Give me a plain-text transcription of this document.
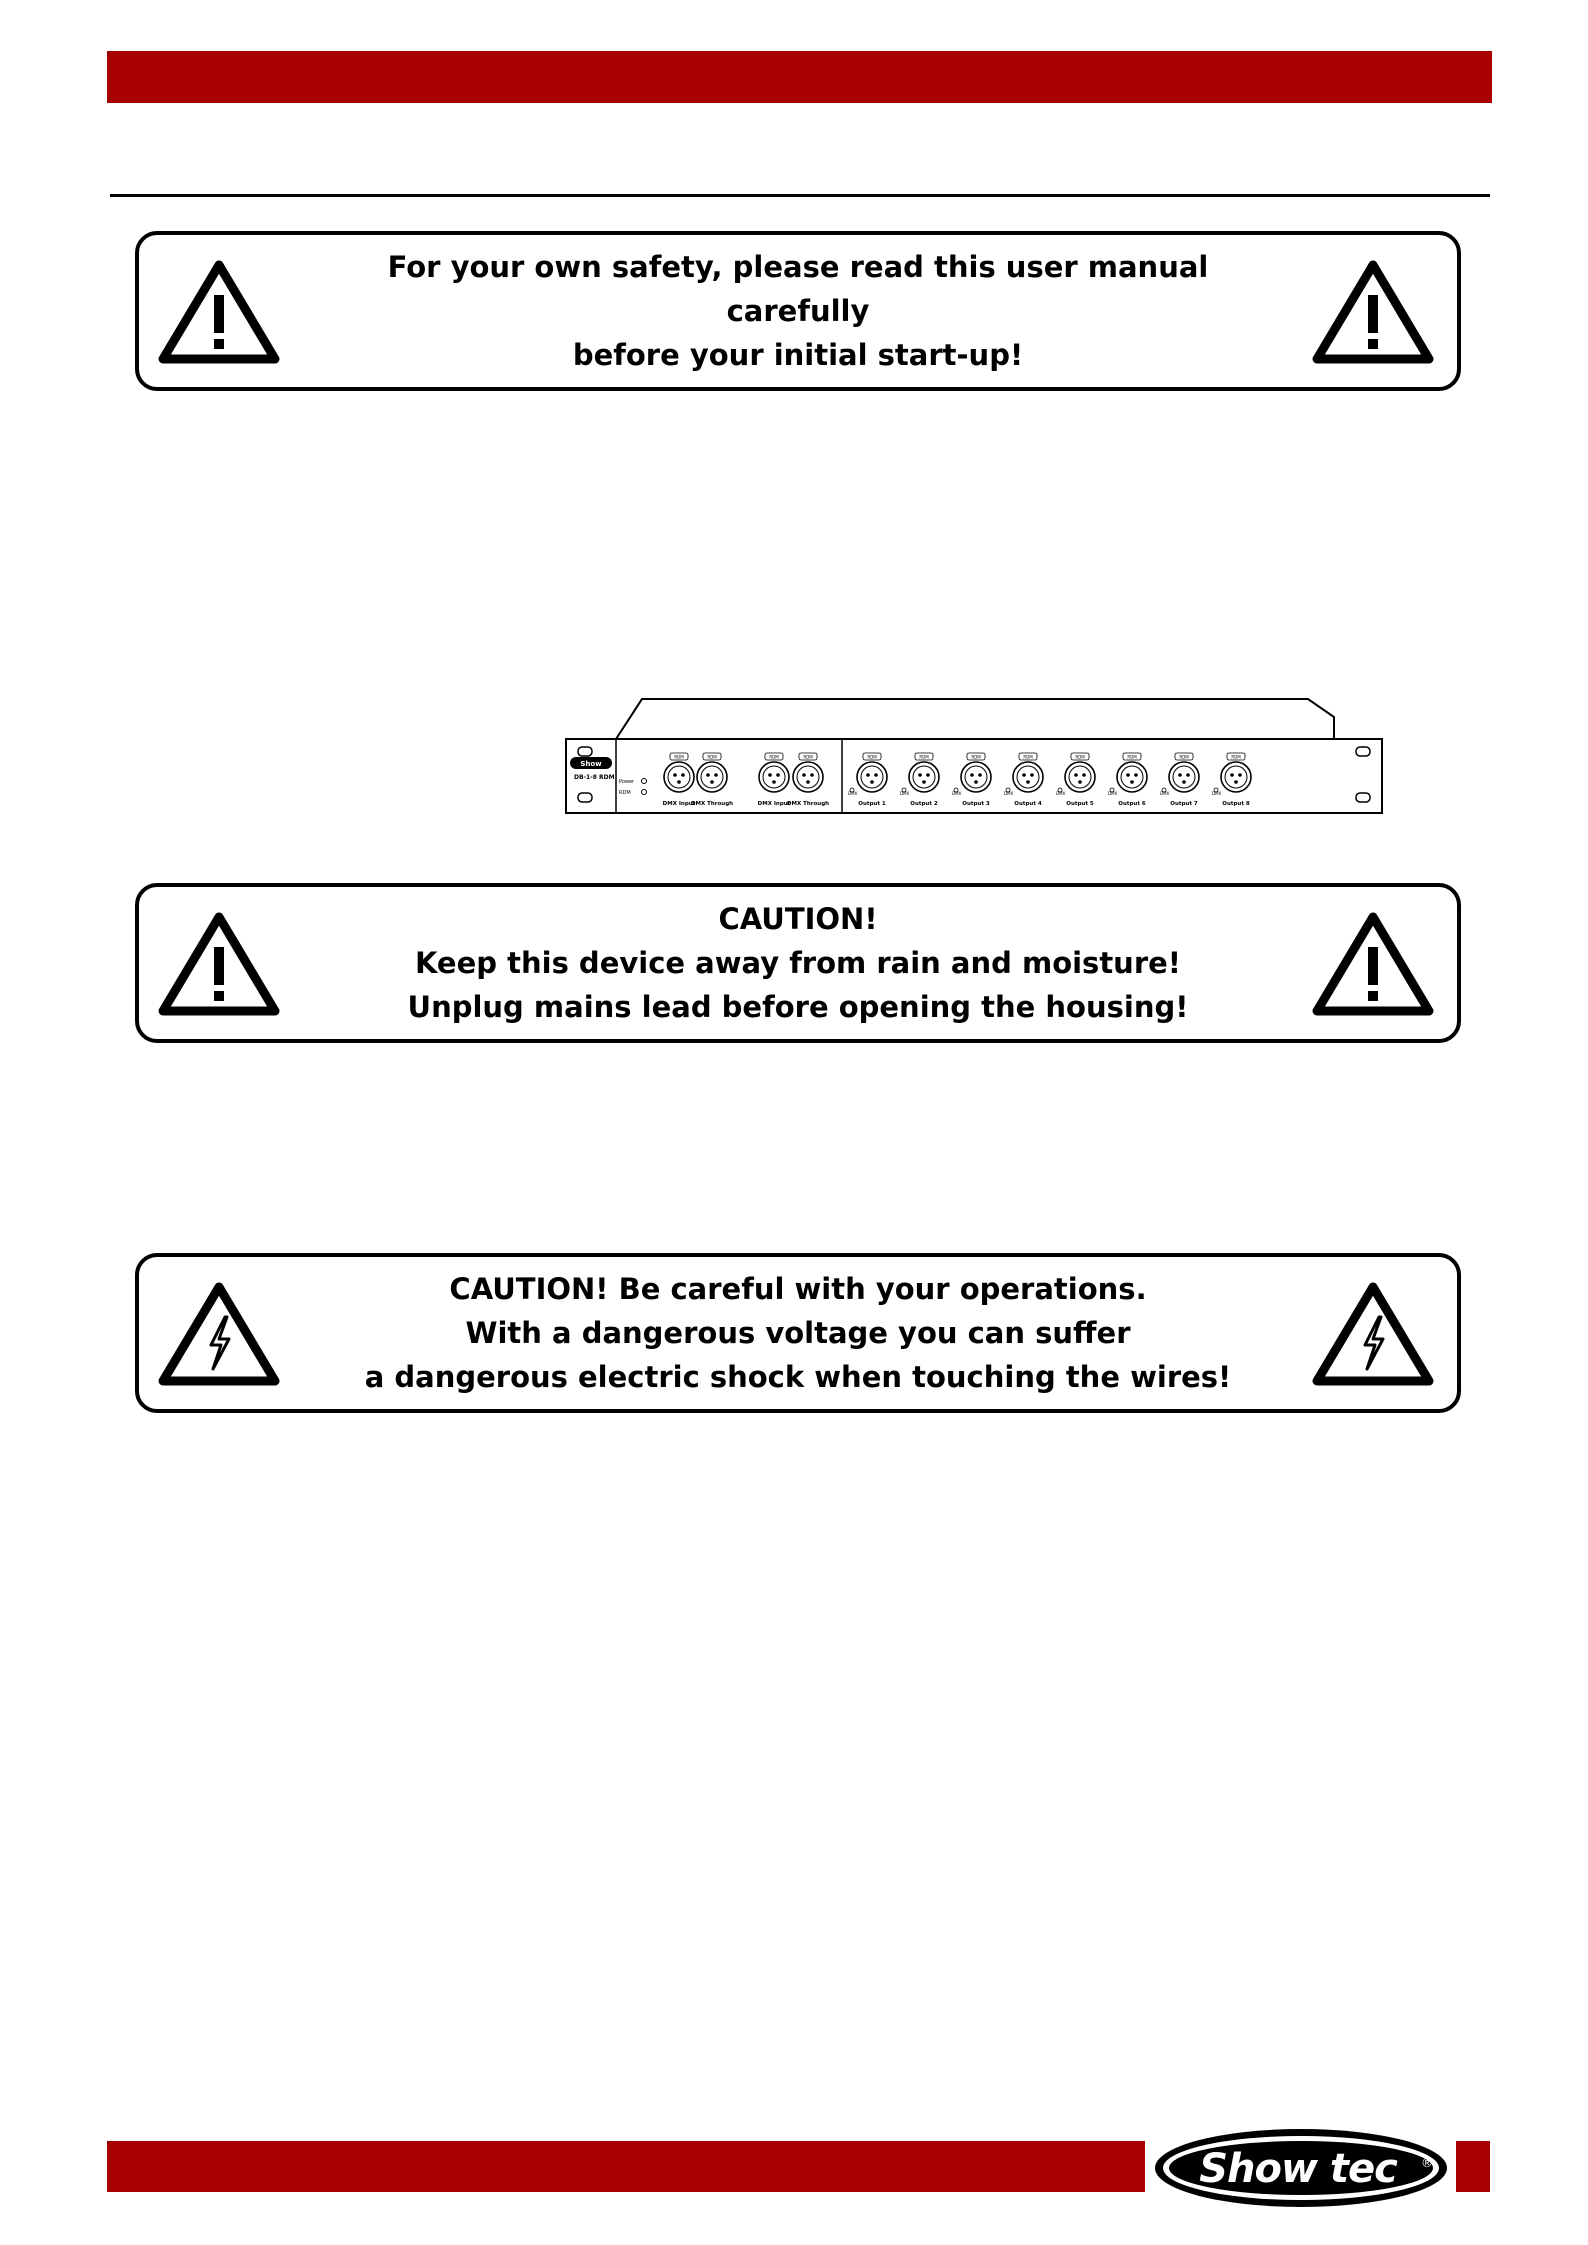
For your own safety, please read this user manual carefully
before your initial start-up!
Show
DB-1-8 RDM
Power
RDM
RDM
DMX Input
RDM
DMX Through
RDM
DMX Input
RDM
DMX Through
RDM
Output 1
DMX
RDM
Output 2
DMX
RDM
Output 3
DMX
RDM
Output 4
DMX
RDM
Output 5
DMX
RDM
Output 6
DMX
RDM
Output 7
DMX
RDM
Output 8
DMX
CAUTION!
Keep this device away from rain and moisture!
Unplug mains lead before opening the housing!
CAUTION! Be careful with your operations.
With a dangerous voltage you can suffer
a dangerous electric shock when touching the wires!
Show tec ®
